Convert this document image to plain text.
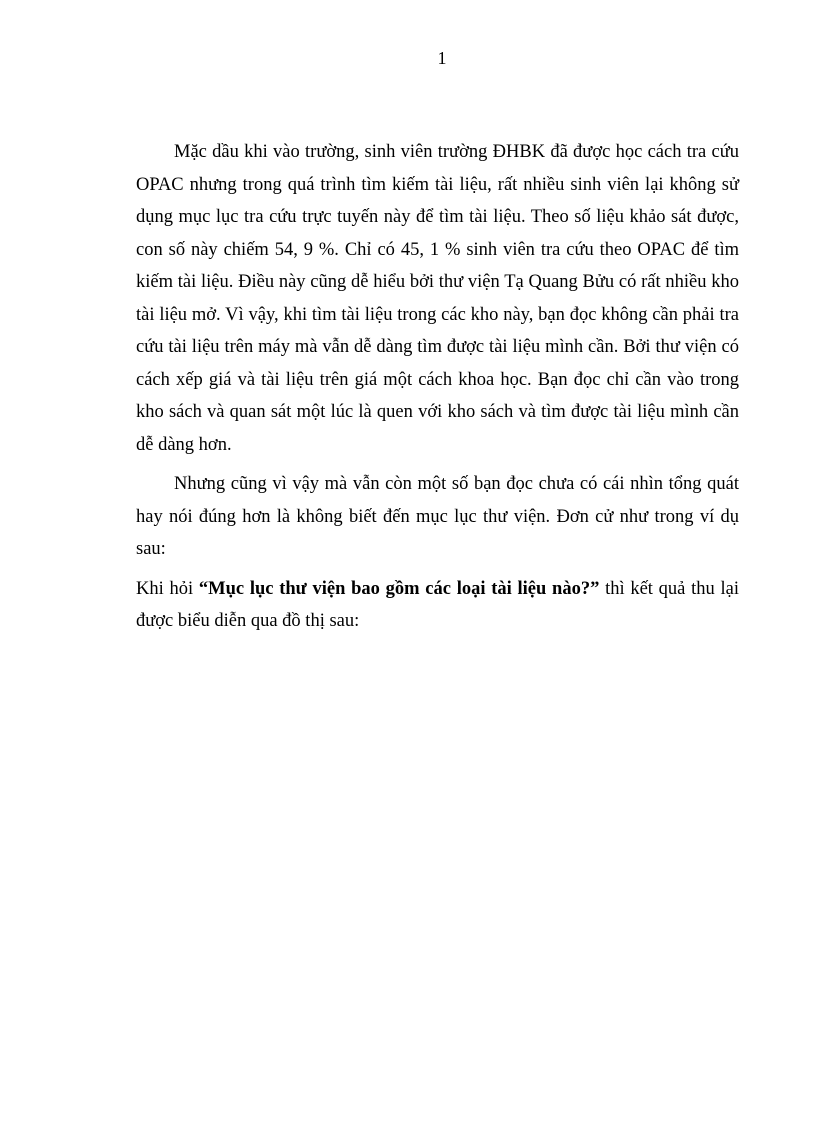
1

Mặc dầu khi vào trường, sinh viên trường ĐHBK đã được học cách tra cứu OPAC nhưng trong quá trình tìm kiếm tài liệu, rất nhiều sinh viên lại không sử dụng mục lục tra cứu trực tuyến này để tìm tài liệu. Theo số liệu khảo sát được, con số này chiếm 54, 9 %. Chỉ có 45, 1 % sinh viên tra cứu theo OPAC để tìm kiếm tài liệu. Điều này cũng dễ hiểu bởi thư viện Tạ Quang Bửu có rất nhiều kho tài liệu mở. Vì vậy, khi tìm tài liệu trong các kho này, bạn đọc không cần phải tra cứu tài liệu trên máy mà vẫn dễ dàng tìm được tài liệu mình cần. Bởi thư viện có cách xếp giá và tài liệu trên giá một cách khoa học. Bạn đọc chỉ cần vào trong kho sách và quan sát một lúc là quen với kho sách và tìm được tài liệu mình cần dễ dàng hơn.

Nhưng cũng vì vậy mà vẫn còn một số bạn đọc chưa có cái nhìn tổng quát hay nói đúng hơn là không biết đến mục lục thư viện. Đơn cử như trong ví dụ sau:

Khi hỏi “Mục lục thư viện bao gồm các loại tài liệu nào?” thì kết quả thu lại được biểu diễn qua đồ thị sau:
